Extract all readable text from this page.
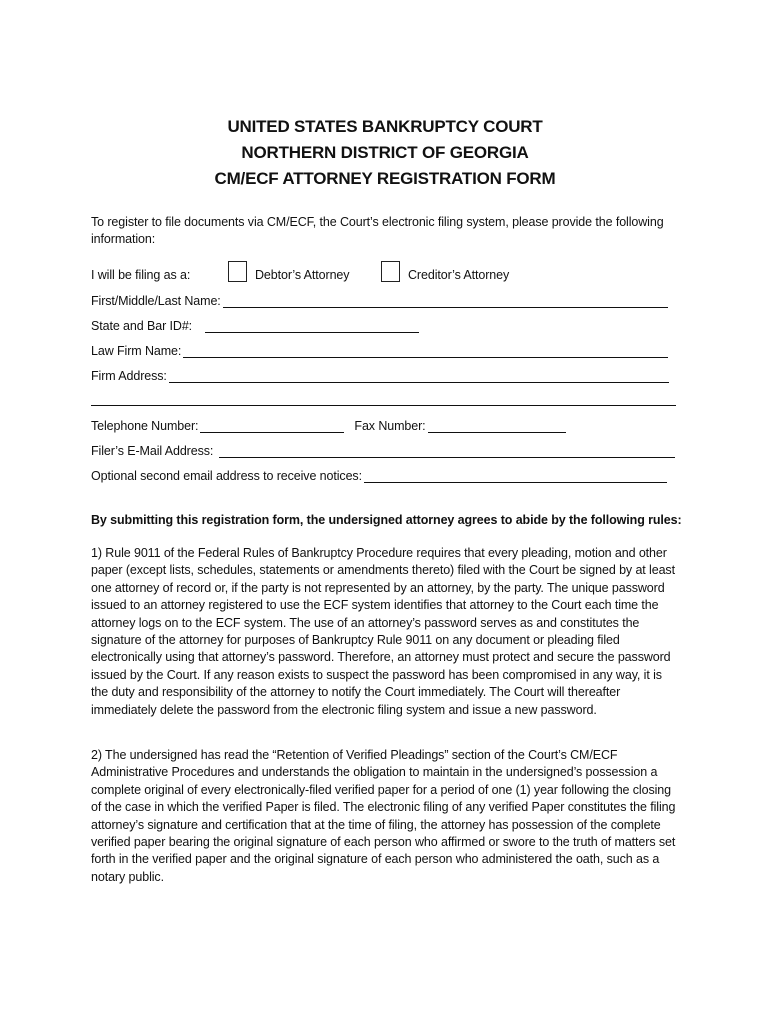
UNITED STATES BANKRUPTCY COURT
NORTHERN DISTRICT OF GEORGIA
CM/ECF ATTORNEY REGISTRATION FORM
To register to file documents via CM/ECF, the Court’s electronic filing system, please provide the following information:
I will be filing as a:	Debtor’s Attorney	Creditor’s Attorney
First/Middle/Last Name:
State and Bar ID#:
Law Firm Name:
Firm Address:
Telephone Number:	Fax Number:
Filer’s E-Mail Address:
Optional second email address to receive notices:
By submitting this registration form, the undersigned attorney agrees to abide by the following rules:
1) Rule 9011 of the Federal Rules of Bankruptcy Procedure requires that every pleading, motion and other paper (except lists, schedules, statements or amendments thereto) filed with the Court be signed by at least one attorney of record or, if the party is not represented by an attorney, by the party. The unique password issued to an attorney registered to use the ECF system identifies that attorney to the Court each time the attorney logs on to the ECF system. The use of an attorney’s password serves as and constitutes the signature of the attorney for purposes of Bankruptcy Rule 9011 on any document or pleading filed electronically using that attorney’s password. Therefore, an attorney must protect and secure the password issued by the Court. If any reason exists to suspect the password has been compromised in any way, it is the duty and responsibility of the attorney to notify the Court immediately. The Court will thereafter immediately delete the password from the electronic filing system and issue a new password.
2) The undersigned has read the “Retention of Verified Pleadings” section of the Court’s CM/ECF Administrative Procedures and understands the obligation to maintain in the undersigned’s possession a complete original of every electronically-filed verified paper for a period of one (1) year following the closing of the case in which the verified Paper is filed. The electronic filing of any verified Paper constitutes the filing attorney’s signature and certification that at the time of filing, the attorney has possession of the complete verified paper bearing the original signature of each person who affirmed or swore to the truth of matters set forth in the verified paper and the original signature of each person who administered the oath, such as a notary public.
